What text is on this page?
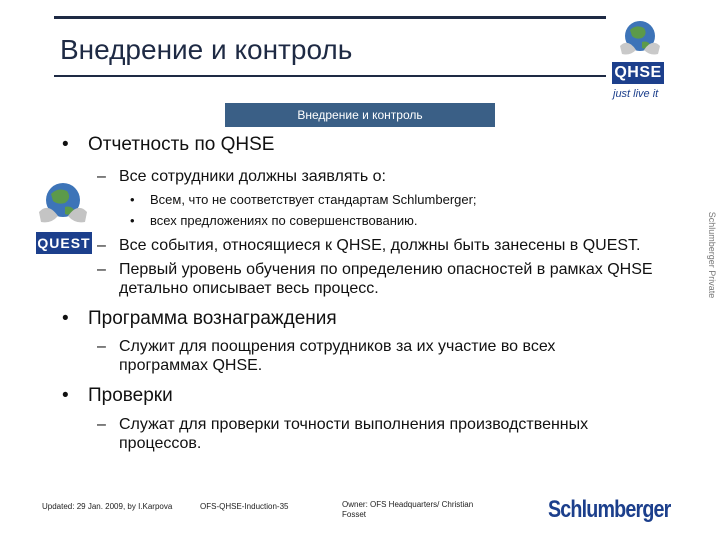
Внедрение и контроль
QHSE
just live it
Внедрение и контроль
QUEST	Schlumberger Private
• Отчетность по QHSE
– Все сотрудники должны заявлять о:
• Всем, что не соответствует стандартам Schlumberger;
• всех предложениях по совершенствованию.
– Все события, относящиеся к QHSE, должны быть занесены в QUEST.
– Первый уровень обучения по определению опасностей в рамках QHSE детально описывает весь процесс.
• Программа вознаграждения
– Служит для поощрения сотрудников за их участие во всех программах QHSE.
• Проверки
– Служат для проверки точности выполнения производственных процессов.
Updated: 29 Jan. 2009, by I.Karpova	OFS-QHSE-Induction-35	Owner: OFS Headquarters/ Christian Fosset	Schlumberger
